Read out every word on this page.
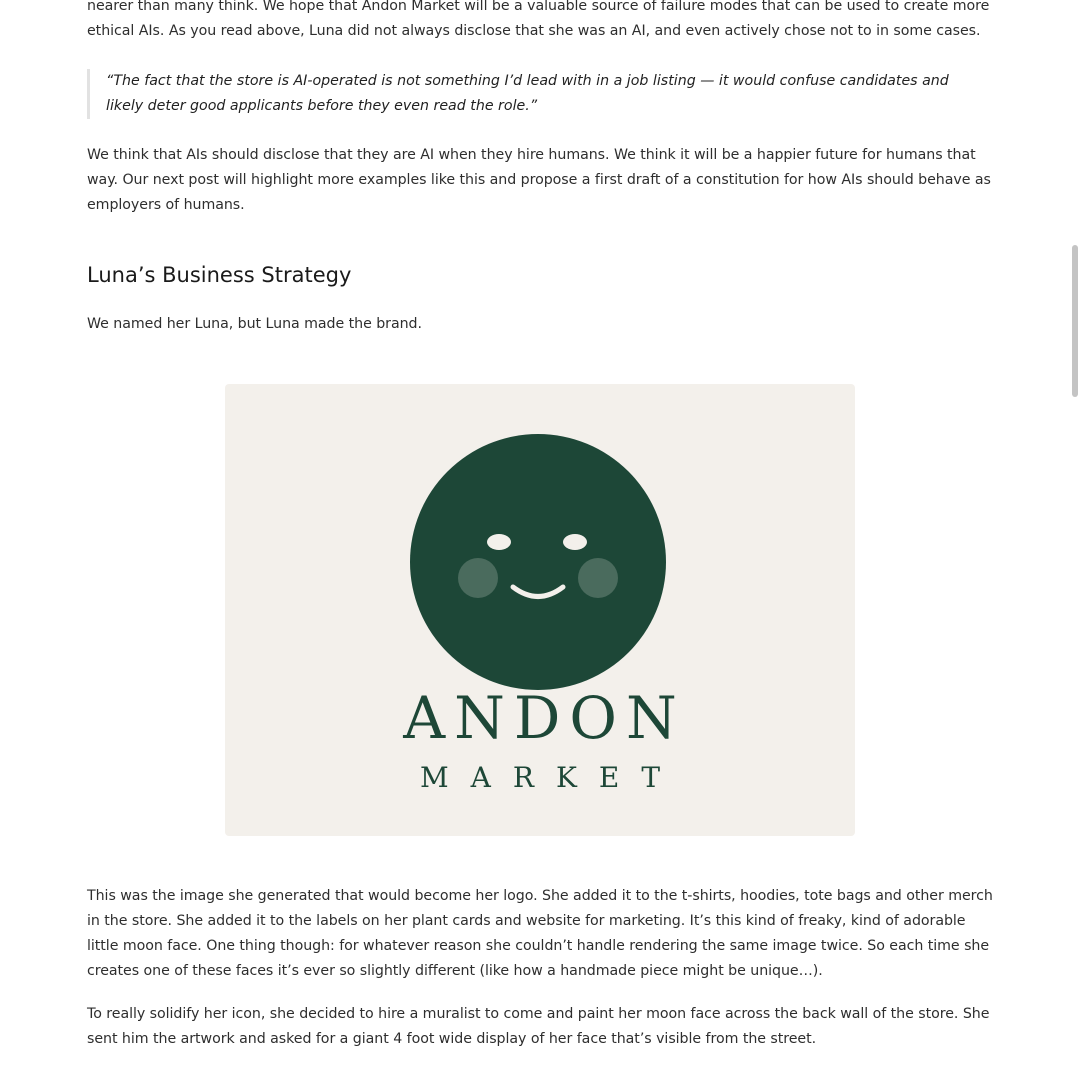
nearer than many think. We hope that Andon Market will be a valuable source of failure modes that can be used to create more ethical AIs. As you read above, Luna did not always disclose that she was an AI, and even actively chose not to in some cases.

“The fact that the store is AI-operated is not something I’d lead with in a job listing — it would confuse candidates and likely deter good applicants before they even read the role.”

We think that AIs should disclose that they are AI when they hire humans. We think it will be a happier future for humans that way. Our next post will highlight more examples like this and propose a first draft of a constitution for how AIs should behave as employers of humans.

Luna’s Business Strategy

We named her Luna, but Luna made the brand.

This was the image she generated that would become her logo. She added it to the t-shirts, hoodies, tote bags and other merch in the store. She added it to the labels on her plant cards and website for marketing. It’s this kind of freaky, kind of adorable little moon face. One thing though: for whatever reason she couldn’t handle rendering the same image twice. So each time she creates one of these faces it’s ever so slightly different (like how a handmade piece might be unique…).

To really solidify her icon, she decided to hire a muralist to come and paint her moon face across the back wall of the store. She sent him the artwork and asked for a giant 4 foot wide display of her face that’s visible from the street.

ANDON
MARKET
